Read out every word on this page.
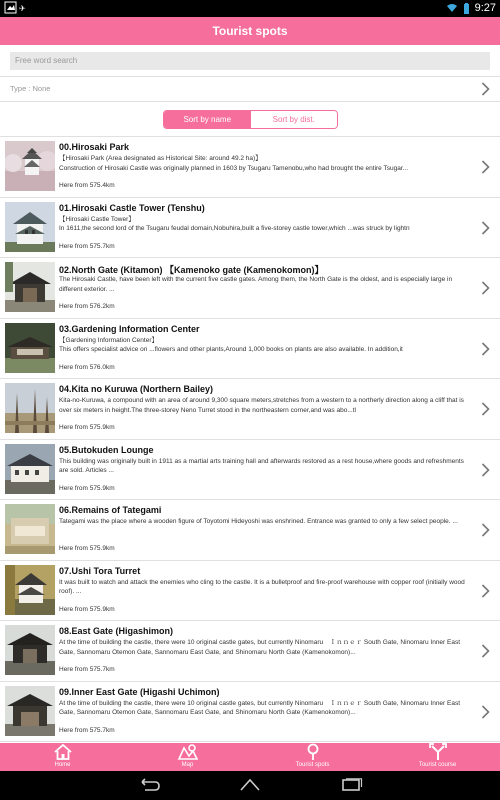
✈	9:27
Tourist spots
Free word search
Type : None
Sort by name	Sort by dist.
00.Hirosaki Park
【Hirosaki Park (Area designated as Historical Site: around 49.2 ha)】
Construction of Hirosaki Castle was originally planned in 1603 by Tsugaru Tamenobu,who had brought the entire Tsugar...
Here from 575.4km
01.Hirosaki Castle Tower (Tenshu)
【Hirosaki Castle Tower】
In 1611,the second lord of the Tsugaru feudal domain,Nobuhira,built a five-storey castle tower,which ...was struck by lightn
Here from 575.7km
02.North Gate (Kitamon) 【Kamenoko gate (Kamenokomon)】
The Hirosaki Castle, have been left with the current five castle gates. Among them, the North Gate is the oldest, and is especially large in different exterior. ...
Here from 576.2km
03.Gardening Information Center
【Gardening Information Center】
This offers specialist advice on ...flowers and other plants,Around 1,000 books on plants are also available. In addition,it
Here from 576.0km
04.Kita no Kuruwa (Northern Bailey)
Kita-no-Kuruwa, a compound with an area of around 9,300 square meters,stretches from a western to a northerly direction along a cliff that is over six meters in height.The three-storey Neno Turret stood in the northeastern corner,and was abo...tl
Here from 575.9km
05.Butokuden Lounge
This building was originally built in 1911 as a martial arts training hall and afterwards restored as a rest house,where goods and refreshments are sold. Articles ...
Here from 575.9km
06.Remains of Tategami
Tategami was the place where a wooden figure of Toyotomi Hideyoshi was enshrined. Entrance was granted to only a few select people. ...
Here from 575.9km
07.Ushi Tora Turret
It was built to watch and attack the enemies who cling to the castle. It is a bulletproof and fire-proof warehouse with copper roof (initially wood roof). ...
Here from 575.9km
08.East Gate (Higashimon)
At the time of building the castle, there were 10 original castle gates, but currently Ninomaru　Ｉｎｎｅｒ South Gate, Ninomaru Inner East Gate, Sannomaru Otemon Gate, Sannomaru East Gate, and Shinomaru North Gate (Kamenokomon)...
Here from 575.7km
09.Inner East Gate (Higashi Uchimon)
At the time of building the castle, there were 10 original castle gates, but currently Ninomaru　Ｉｎｎｅｒ South Gate, Ninomaru Inner East Gate, Sannomaru Otemon Gate, Sannomaru East Gate, and Shinomaru North Gate (Kamenokomon)...
Here from 575.7km
Home	Map	Tourist spots	Tourist course
